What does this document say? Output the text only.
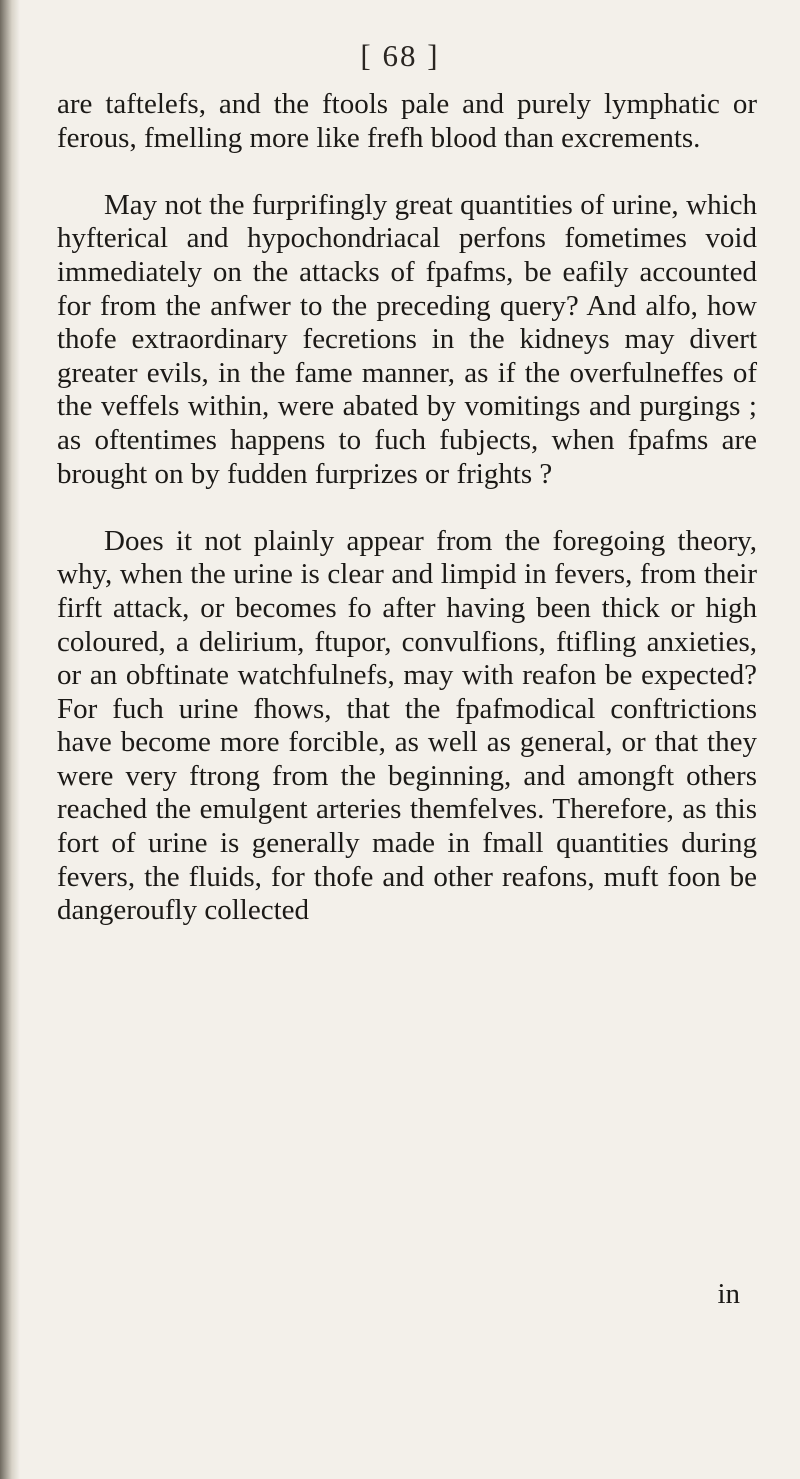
[ 68 ]

are taftelefs, and the ftools pale and purely lymphatic or ferous, fmelling more like frefh blood than excrements.

May not the furprifingly great quantities of urine, which hyfterical and hypochondriacal perfons fometimes void immediately on the attacks of fpafms, be eafily accounted for from the anfwer to the preceding query? And alfo, how thofe extraordinary fecretions in the kidneys may divert greater evils, in the fame manner, as if the overfulneffes of the veffels within, were abated by vomitings and purgings ; as oftentimes happens to fuch fubjects, when fpafms are brought on by fudden furprizes or frights ?

Does it not plainly appear from the foregoing theory, why, when the urine is clear and limpid in fevers, from their firft attack, or becomes fo after having been thick or high coloured, a delirium, ftupor, convulfions, ftifling anxieties, or an obftinate watchfulnefs, may with reafon be expected? For fuch urine fhows, that the fpafmodical conftrictions have become more forcible, as well as general, or that they were very ftrong from the beginning, and amongft others reached the emulgent arteries themfelves. Therefore, as this fort of urine is generally made in fmall quantities during fevers, the fluids, for thofe and other reafons, muft foon be dangeroufly collected

in
